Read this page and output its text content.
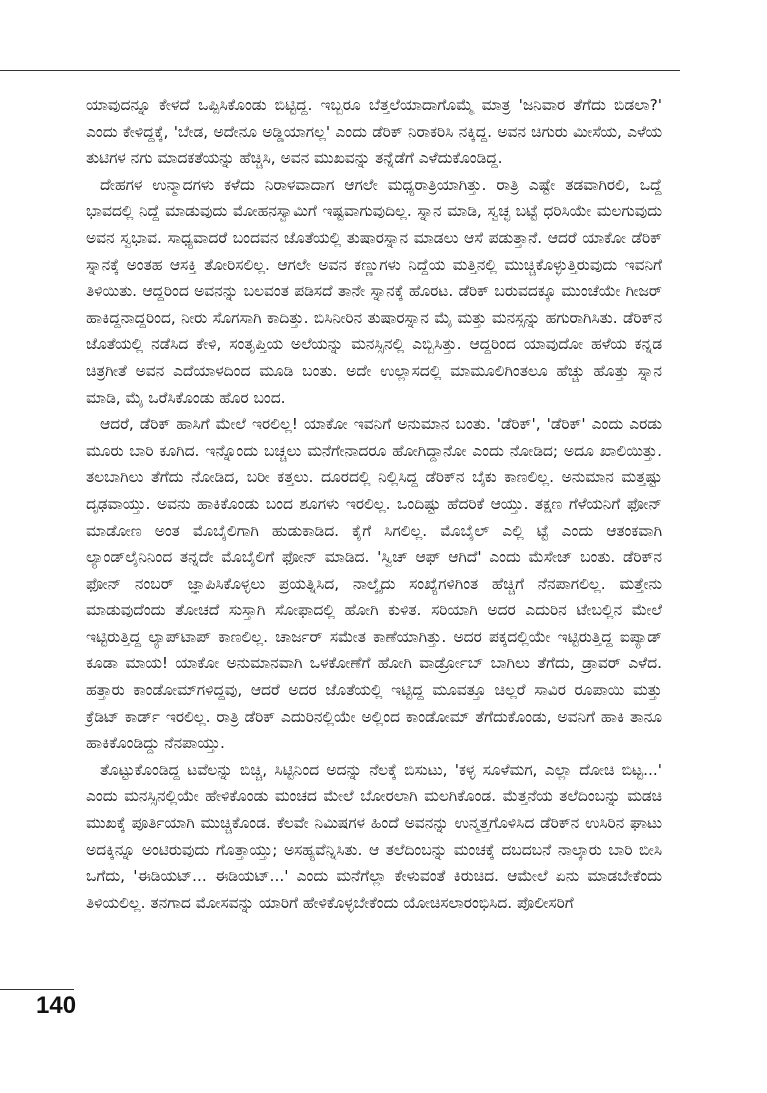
ಯಾವುದನ್ನೂ ಕೇಳದೆ ಒಪ್ಪಿಸಿಕೊಂಡು ಬಿಟ್ಟಿದ್ದ. ಇಬ್ಬರೂ ಬೆತ್ತಲೆಯಾದಾಗೊಮ್ಮೆ ಮಾತ್ರ 'ಜನಿವಾರ ತೆಗೆದು ಬಿಡಲಾ?' ಎಂದು ಕೇಳಿದ್ದಕ್ಕೆ, 'ಬೇಡ, ಅದೇನೂ ಅಡ್ಡಿಯಾಗಲ್ಲ' ಎಂದು ಡೆರಿಕ್ ನಿರಾಕರಿಸಿ ನಕ್ಕಿದ್ದ. ಅವನ ಚಿಗುರು ಮೀಸೆಯ, ಎಳೆಯ ತುಟಿಗಳ ನಗು ಮಾದಕತೆಯನ್ನು ಹೆಚ್ಚಿಸಿ, ಅವನ ಮುಖವನ್ನು ತನ್ನೆಡೆಗೆ ಎಳೆದುಕೊಂಡಿದ್ದ.

ದೇಹಗಳ ಉನ್ಮಾದಗಳು ಕಳೆದು ನಿರಾಳವಾದಾಗ ಆಗಲೇ ಮಧ್ಯರಾತ್ರಿಯಾಗಿತ್ತು. ರಾತ್ರಿ ಎಷ್ಟೇ ತಡವಾಗಿರಲಿ, ಒದ್ದೆ ಭಾವದಲ್ಲಿ ನಿದ್ದೆ ಮಾಡುವುದು ಮೋಹನಸ್ವಾಮಿಗೆ ಇಷ್ಟವಾಗುವುದಿಲ್ಲ. ಸ್ನಾನ ಮಾಡಿ, ಸ್ವಚ್ಛ ಬಟ್ಟೆ ಧರಿಸಿಯೇ ಮಲಗುವುದು ಅವನ ಸ್ವಭಾವ. ಸಾಧ್ಯವಾದರೆ ಬಂದವನ ಜೊತೆಯಲ್ಲಿ ತುಷಾರಸ್ನಾನ ಮಾಡಲು ಆಸೆ ಪಡುತ್ತಾನೆ. ಆದರೆ ಯಾಕೋ ಡೆರಿಕ್ ಸ್ನಾನಕ್ಕೆ ಅಂತಹ ಆಸಕ್ತಿ ತೋರಿಸಲಿಲ್ಲ. ಆಗಲೇ ಅವನ ಕಣ್ಣುಗಳು ನಿದ್ದೆಯ ಮತ್ತಿನಲ್ಲಿ ಮುಚ್ಚಿಕೊಳ್ಳುತ್ತಿರುವುದು ಇವನಿಗೆ ತಿಳಿಯಿತು. ಆದ್ದರಿಂದ ಅವನನ್ನು ಬಲವಂತ ಪಡಿಸದೆ ತಾನೇ ಸ್ನಾನಕ್ಕೆ ಹೊರಟ. ಡೆರಿಕ್ ಬರುವದಕ್ಕೂ ಮುಂಚೆಯೇ ಗೀಜರ್ ಹಾಕಿದ್ದನಾದ್ದರಿಂದ, ನೀರು ಸೊಗಸಾಗಿ ಕಾದಿತ್ತು. ಬಿಸಿನೀರಿನ ತುಷಾರಸ್ನಾನ ಮೈ ಮತ್ತು ಮನಸ್ಸನ್ನು ಹಗುರಾಗಿಸಿತು. ಡೆರಿಕ್‌ನ ಜೊತೆಯಲ್ಲಿ ನಡೆಸಿದ ಕೇಳಿ, ಸಂತೃಪ್ತಿಯ ಅಲೆಯನ್ನು ಮನಸ್ಸಿನಲ್ಲಿ ಎಬ್ಬಿಸಿತ್ತು. ಆದ್ದರಿಂದ ಯಾವುದೋ ಹಳೆಯ ಕನ್ನಡ ಚಿತ್ರಗೀತೆ ಅವನ ಎದೆಯಾಳದಿಂದ ಮೂಡಿ ಬಂತು. ಅದೇ ಉಲ್ಲಾಸದಲ್ಲಿ ಮಾಮೂಲಿಗಿಂತಲೂ ಹೆಚ್ಚು ಹೊತ್ತು ಸ್ನಾನ ಮಾಡಿ, ಮೈ ಒರೆಸಿಕೊಂಡು ಹೊರ ಬಂದ.

ಆದರೆ, ಡೆರಿಕ್ ಹಾಸಿಗೆ ಮೇಲೆ ಇರಲಿಲ್ಲ! ಯಾಕೋ ಇವನಿಗೆ ಅನುಮಾನ ಬಂತು. 'ಡೆರಿಕ್', 'ಡೆರಿಕ್' ಎಂದು ಎರಡು ಮೂರು ಬಾರಿ ಕೂಗಿದ. ಇನ್ನೊಂದು ಬಚ್ಚಲು ಮನೆಗೇನಾದರೂ ಹೋಗಿದ್ದಾನೋ ಎಂದು ನೋಡಿದ; ಅದೂ ಖಾಲಿಯಿತ್ತು. ತಲಬಾಗಿಲು ತೆಗೆದು ನೋಡಿದ, ಬರೀ ಕತ್ತಲು. ದೂರದಲ್ಲಿ ನಿಲ್ಲಿಸಿದ್ದ ಡೆರಿಕ್‌ನ ಬೈಕು ಕಾಣಲಿಲ್ಲ. ಅನುಮಾನ ಮತ್ತಷ್ಟು ದೃಢವಾಯ್ತು. ಅವನು ಹಾಕಿಕೊಂಡು ಬಂದ ಶೂಗಳು ಇರಲಿಲ್ಲ. ಒಂದಿಷ್ಟು ಹೆದರಿಕೆ ಆಯ್ತು. ತಕ್ಷಣ ಗೆಳೆಯನಿಗೆ ಫೋನ್ ಮಾಡೋಣ ಅಂತ ಮೊಬೈಲಿಗಾಗಿ ಹುಡುಕಾಡಿದ. ಕೈಗೆ ಸಿಗಲಿಲ್ಲ. ಮೊಬೈಲ್ ಎಲ್ಲಿ ಟ್ಟೆ ಎಂದು ಆತಂಕವಾಗಿ ಲ್ಯಾಂಡ್‌ಲೈನಿನಿಂದ ತನ್ನದೇ ಮೊಬೈಲಿಗೆ ಫೋನ್ ಮಾಡಿದ. 'ಸ್ವಿಚ್ ಆಫ್ ಆಗಿದೆ' ಎಂದು ಮೆಸೇಜ್ ಬಂತು. ಡೆರಿಕ್‌ನ ಫೋನ್ ನಂಬರ್ ಜ್ಞಾಪಿಸಿಕೊಳ್ಳಲು ಪ್ರಯತ್ನಿಸಿದ, ನಾಲ್ಕೈದು ಸಂಖ್ಯೆಗಳಿಗಿಂತ ಹೆಚ್ಚಿಗೆ ನೆನಪಾಗಲಿಲ್ಲ. ಮತ್ತೇನು ಮಾಡುವುದೆಂದು ತೋಚದೆ ಸುಸ್ತಾಗಿ ಸೋಫಾದಲ್ಲಿ ಹೋಗಿ ಕುಳಿತ. ಸರಿಯಾಗಿ ಅದರ ಎದುರಿನ ಟೇಬಲ್ಲಿನ ಮೇಲೆ ಇಟ್ಟಿರುತ್ತಿದ್ದ ಲ್ಯಾಪ್‌ಟಾಪ್ ಕಾಣಲಿಲ್ಲ. ಚಾರ್ಜರ್ ಸಮೇತ ಕಾಣೆಯಾಗಿತ್ತು. ಅದರ ಪಕ್ಕದಲ್ಲಿಯೇ ಇಟ್ಟಿರುತ್ತಿದ್ದ ಐಪ್ಯಾಡ್ ಕೂಡಾ ಮಾಯ! ಯಾಕೋ ಅನುಮಾನವಾಗಿ ಒಳಕೋಣೆಗೆ ಹೋಗಿ ವಾರ್ಡ್ರೋಬ್ ಬಾಗಿಲು ತೆಗೆದು, ಡ್ರಾವರ್ ಎಳೆದ. ಹತ್ತಾರು ಕಾಂಡೋಮ್‌ಗಳಿದ್ದವು, ಆದರೆ ಅದರ ಜೊತೆಯಲ್ಲಿ ಇಟ್ಟಿದ್ದ ಮೂವತ್ತೂ ಚಿಲ್ಲರೆ ಸಾವಿರ ರೂಪಾಯಿ ಮತ್ತು ಕ್ರೆಡಿಟ್ ಕಾರ್ಡ್ ಇರಲಿಲ್ಲ. ರಾತ್ರಿ ಡೆರಿಕ್ ಎದುರಿನಲ್ಲಿಯೇ ಅಲ್ಲಿಂದ ಕಾಂಡೋಮ್ ತೆಗೆದುಕೊಂಡು, ಅವನಿಗೆ ಹಾಕಿ ತಾನೂ ಹಾಕಿಕೊಂಡಿದ್ದು ನೆನಪಾಯ್ತು.

ತೊಟ್ಟುಕೊಂಡಿದ್ದ ಟವೆಲನ್ನು ಬಿಚ್ಚಿ, ಸಿಟ್ಟಿನಿಂದ ಅದನ್ನು ನೆಲಕ್ಕೆ ಬಿಸುಟು, 'ಕಳ್ಳ ಸೂಳೆಮಗ, ಎಲ್ಲಾ ದೋಚಿ ಬಿಟ್ಟ...' ಎಂದು ಮನಸ್ಸಿನಲ್ಲಿಯೇ ಹೇಳಿಕೊಂಡು ಮಂಚದ ಮೇಲೆ ಬೋರಲಾಗಿ ಮಲಗಿಕೊಂಡ. ಮೆತ್ತನೆಯ ತಲೆದಿಂಬನ್ನು ಮಡಚಿ ಮುಖಕ್ಕೆ ಪೂರ್ತಿಯಾಗಿ ಮುಚ್ಚಿಕೊಂಡ. ಕೆಲವೇ ನಿಮಿಷಗಳ ಹಿಂದೆ ಅವನನ್ನು ಉನ್ಮತ್ತಗೊಳಿಸಿದ ಡೆರಿಕ್‌ನ ಉಸಿರಿನ ಘಾಟು ಅದಕ್ಕಿನ್ನೂ ಅಂಟಿರುವುದು ಗೊತ್ತಾಯ್ತು; ಅಸಹ್ಯವೆನ್ನಿಸಿತು. ಆ ತಲೆದಿಂಬನ್ನು ಮಂಚಕ್ಕೆ ದಬದಬನೆ ನಾಲ್ಕಾರು ಬಾರಿ ಬೀಸಿ ಒಗೆದು, 'ಈಡಿಯಟ್... ಈಡಿಯಟ್...' ಎಂದು ಮನೆಗೆಲ್ಲಾ ಕೇಳುವಂತೆ ಕಿರುಚಿದ. ಆಮೇಲೆ ಏನು ಮಾಡಬೇಕೆಂದು ತಿಳಿಯಲಿಲ್ಲ. ತನಗಾದ ಮೋಸವನ್ನು ಯಾರಿಗೆ ಹೇಳಿಕೊಳ್ಳಬೇಕೆಂದು ಯೋಚಿಸಲಾರಂಭಿಸಿದ. ಪೊಲೀಸರಿಗೆ

140
